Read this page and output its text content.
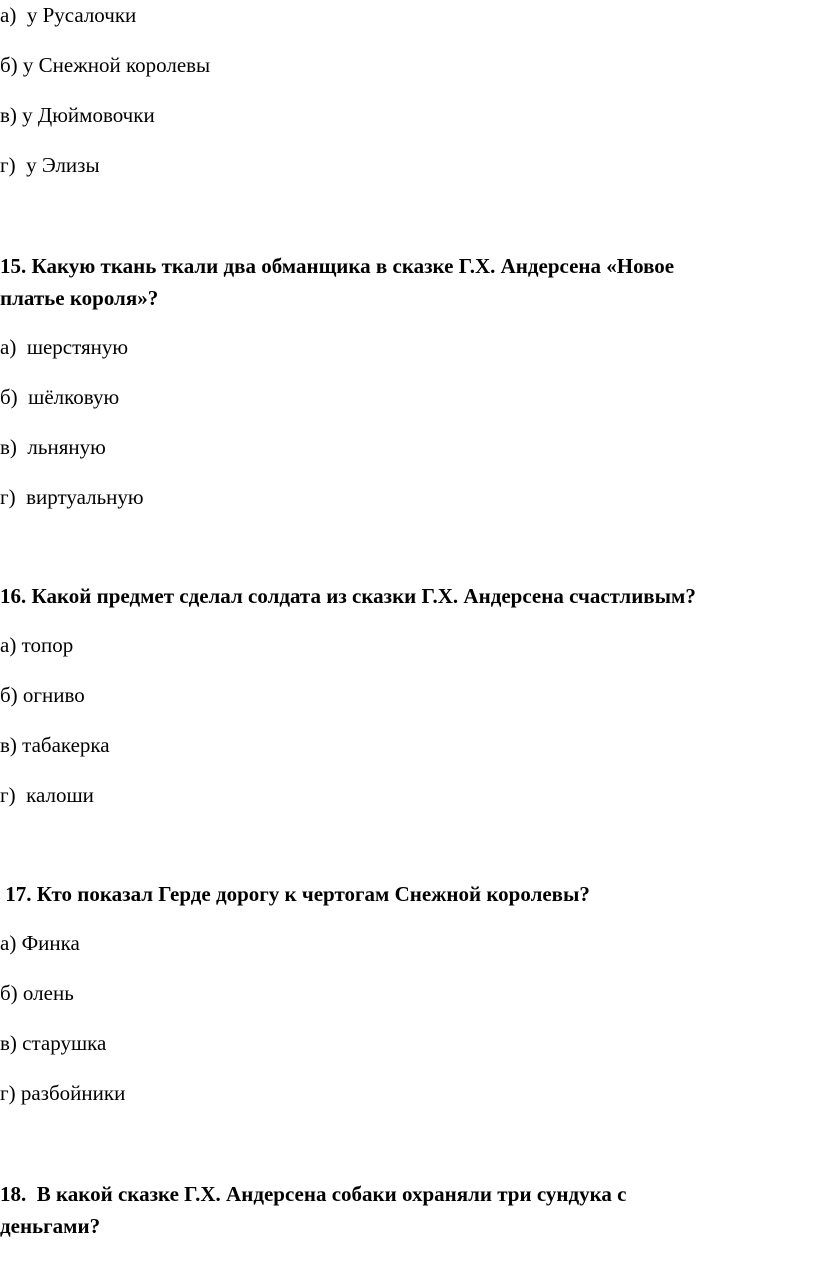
а)  у Русалочки
б) у Снежной королевы
в) у Дюймовочки
г)  у Элизы
15. Какую ткань ткали два обманщика в сказке Г.Х. Андерсена «Новое
платье короля»?
а)  шерстяную
б)  шёлковую
в)  льняную
г)  виртуальную
16. Какой предмет сделал солдата из сказки Г.Х. Андерсена счастливым?
а) топор
б) огниво
в) табакерка
г)  калоши
17. Кто показал Герде дорогу к чертогам Снежной королевы?
а) Финка
б) олень
в) старушка
г) разбойники
18.  В какой сказке Г.Х. Андерсена собаки охраняли три сундука с
деньгами?
